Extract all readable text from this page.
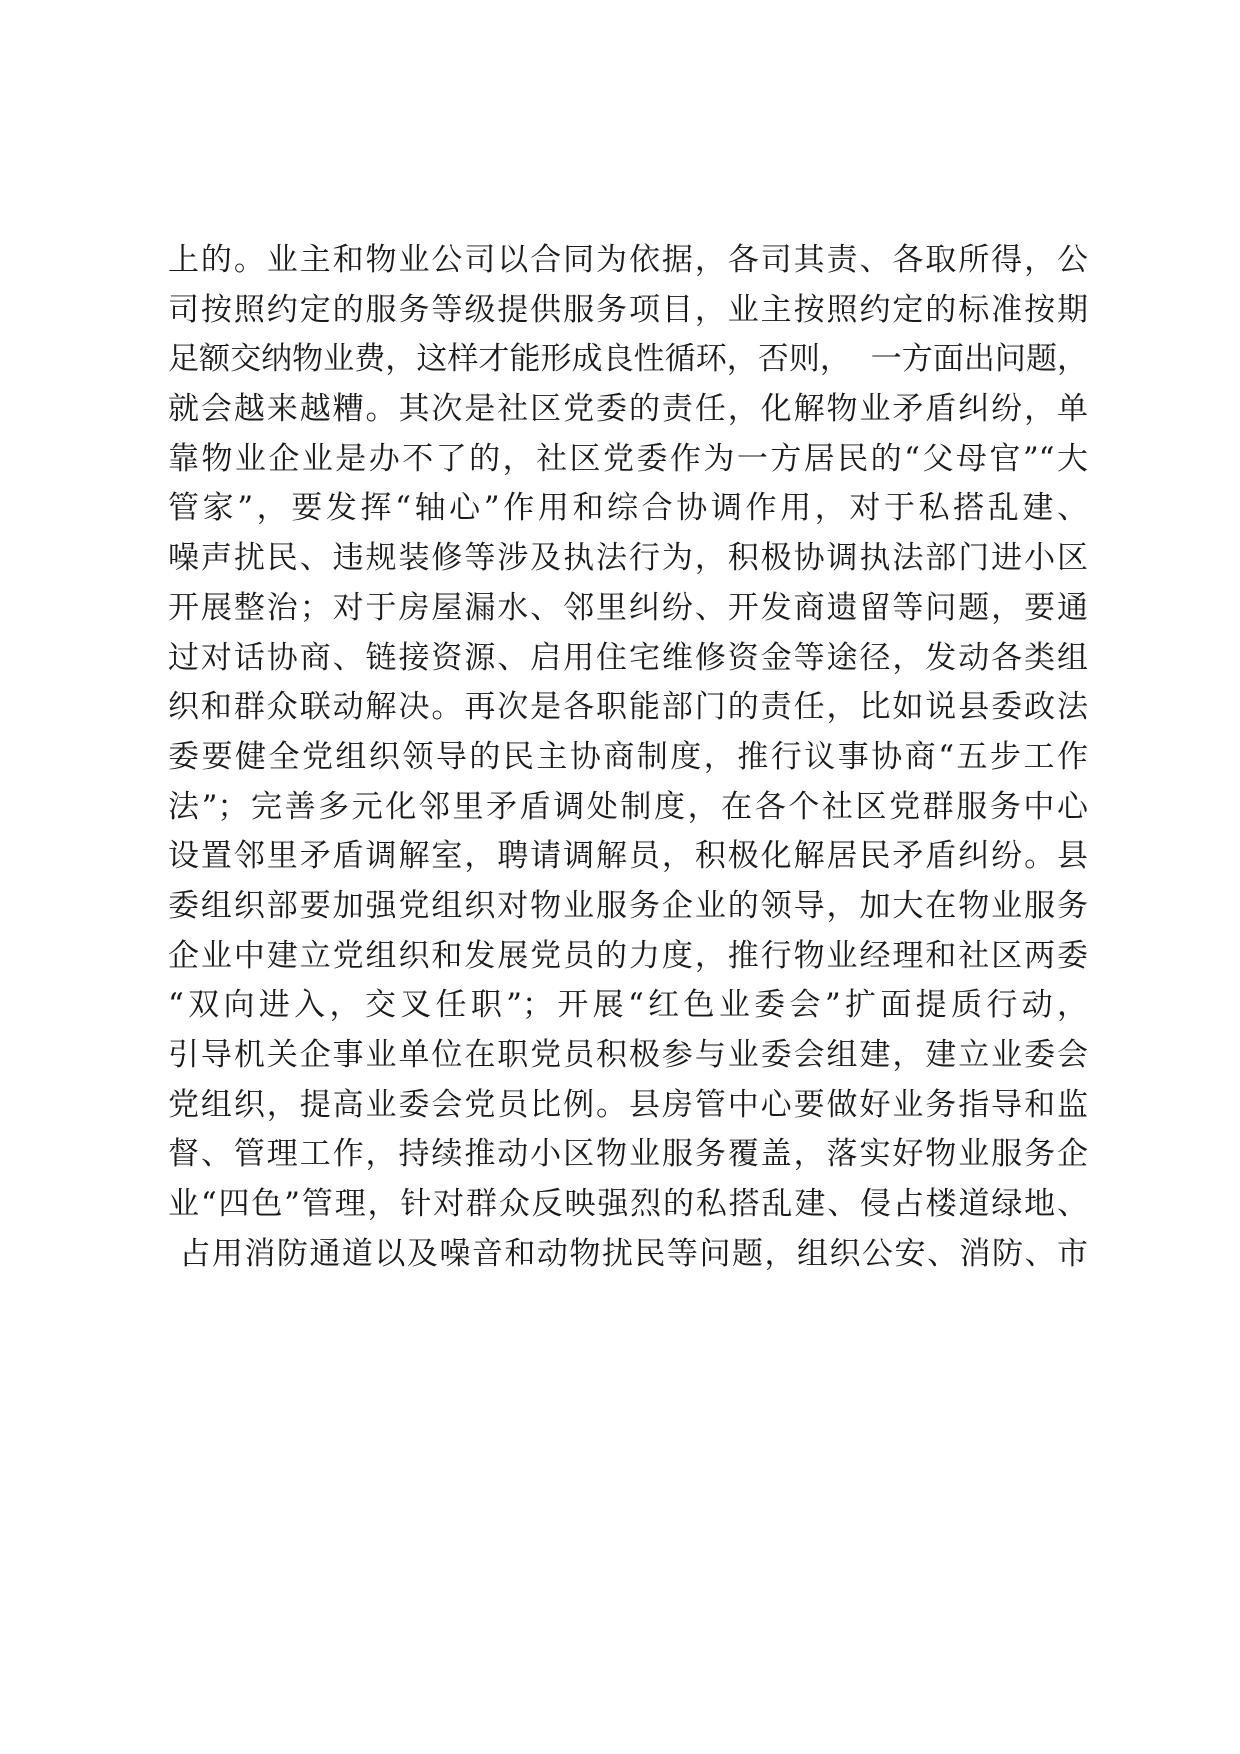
上的。业主和物业公司以合同为依据，各司其责、各取所得，公
司按照约定的服务等级提供服务项目，业主按照约定的标准按期
足额交纳物业费，这样才能形成良性循环，否则，  一方面出问题，
就会越来越糟。其次是社区党委的责任，化解物业矛盾纠纷，单
靠物业企业是办不了的，社区党委作为一方居民的“父母官”“大
管家”，要发挥“轴心”作用和综合协调作用，对于私搭乱建、
噪声扰民、违规装修等涉及执法行为，积极协调执法部门进小区
开展整治；对于房屋漏水、邻里纠纷、开发商遗留等问题，要通
过对话协商、链接资源、启用住宅维修资金等途径，发动各类组
织和群众联动解决。再次是各职能部门的责任，比如说县委政法
委要健全党组织领导的民主协商制度，推行议事协商“五步工作
法”；完善多元化邻里矛盾调处制度，在各个社区党群服务中心
设置邻里矛盾调解室，聘请调解员，积极化解居民矛盾纠纷。县
委组织部要加强党组织对物业服务企业的领导，加大在物业服务
企业中建立党组织和发展党员的力度，推行物业经理和社区两委
“双向进入，交叉任职”；开展“红色业委会”扩面提质行动，
引导机关企事业单位在职党员积极参与业委会组建，建立业委会
党组织，提高业委会党员比例。县房管中心要做好业务指导和监
督、管理工作，持续推动小区物业服务覆盖，落实好物业服务企
业“四色”管理，针对群众反映强烈的私搭乱建、侵占楼道绿地、
占用消防通道以及噪音和动物扰民等问题，组织公安、消防、市
